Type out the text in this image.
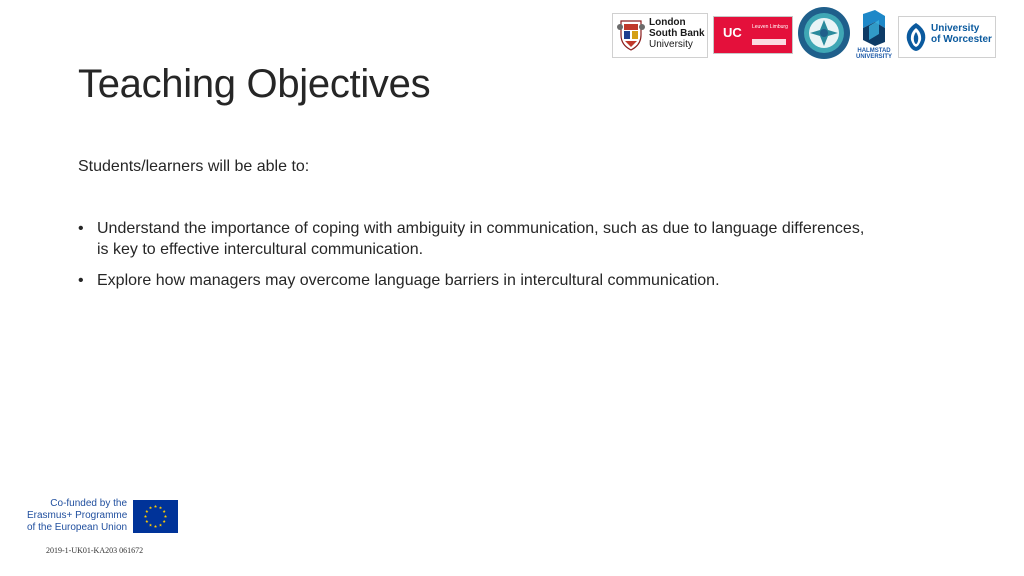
London
South Bank
University
UC Leuven Limburg
HALMSTAD UNIVERSITY
University
of Worcester
Teaching Objectives

Students/learners will be able to:

• Understand the importance of coping with ambiguity in communication, such as due to language differences, is key to effective intercultural communication.
• Explore how managers may overcome language barriers in intercultural communication.
Co-funded by the
Erasmus+ Programme
of the European Union
2019-1-UK01-KA203 061672
